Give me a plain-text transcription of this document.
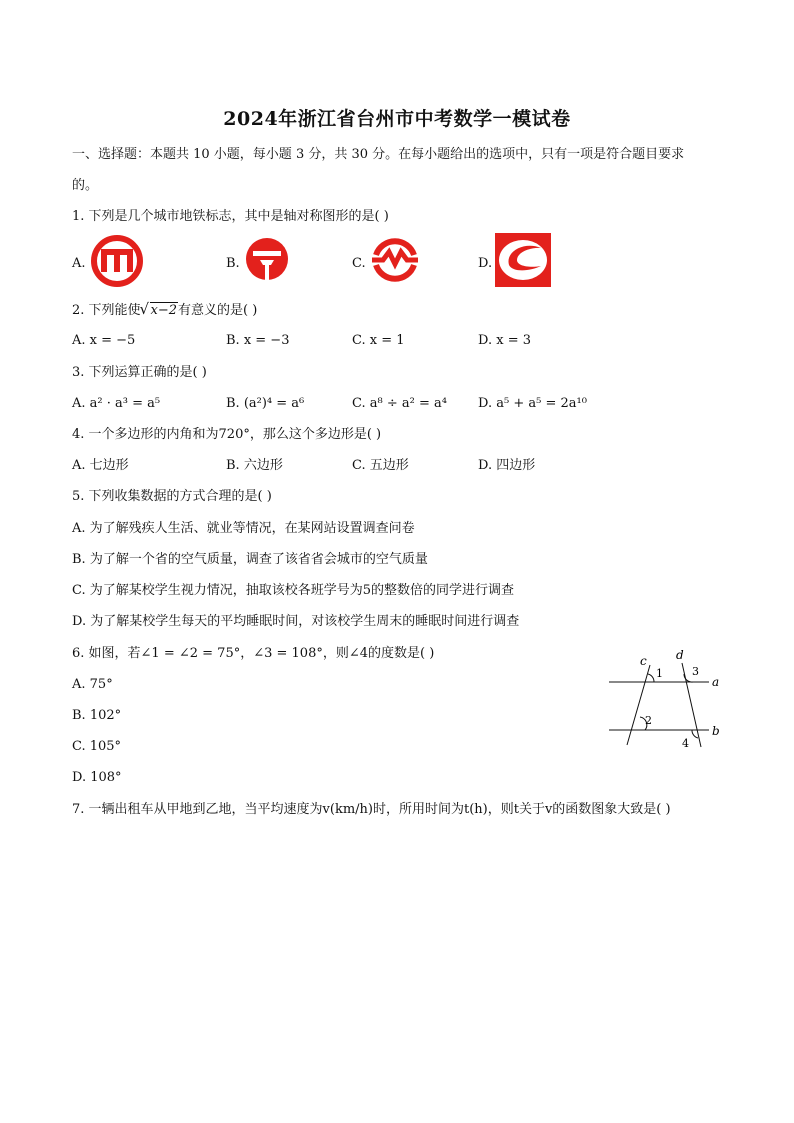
2024年浙江省台州市中考数学一模试卷
一、选择题：本题共 10 小题，每小题 3 分，共 30 分。在每小题给出的选项中，只有一项是符合题目要求
的。
1. 下列是几个城市地铁标志，其中是轴对称图形的是( )
A.	B.	C.	D.
2. 下列能使√ x−2有意义的是( )
A. x = −5	B. x = −3	C. x = 1	D. x = 3
3. 下列运算正确的是( )
A. a² · a³ = a⁵	B. (a²)⁴ = a⁶	C. a⁸ ÷ a² = a⁴ D. a⁵ + a⁵ = 2a¹⁰
4. 一个多边形的内角和为720°，那么这个多边形是( )
A. 七边形	B. 六边形	C. 五边形	D. 四边形
5. 下列收集数据的方式合理的是( )
A. 为了解残疾人生活、就业等情况，在某网站设置调查问卷
B. 为了解一个省的空气质量，调查了该省省会城市的空气质量
C. 为了解某校学生视力情况，抽取该校各班学号为5的整数倍的同学进行调查
D. 为了解某校学生每天的平均睡眠时间，对该校学生周末的睡眠时间进行调查
6. 如图，若∠1 = ∠2 = 75°，∠3 = 108°，则∠4的度数是( )
A. 75°
B. 102°
C. 105°
D. 108°
c d
a
b
1
2
3
4
7. 一辆出租车从甲地到乙地，当平均速度为v(km/h)时，所用时间为t(h)，则t关于v的函数图象大致是( )
